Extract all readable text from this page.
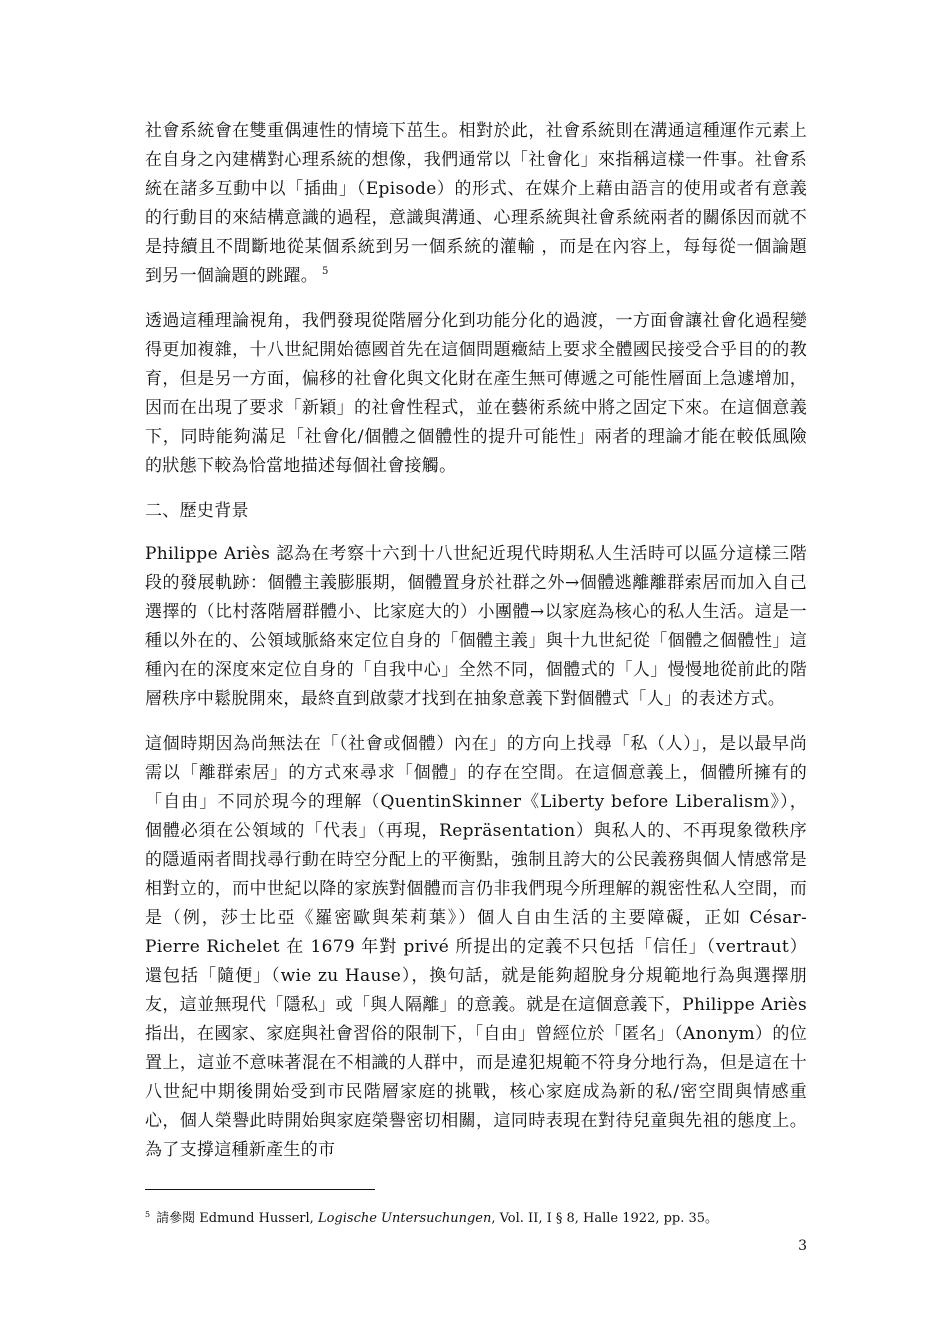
社會系統會在雙重偶連性的情境下茁生。相對於此，社會系統則在溝通這種運作元素上在自身之內建構對心理系統的想像，我們通常以「社會化」來指稱這樣一件事。社會系統在諸多互動中以「插曲」（Episode）的形式、在媒介上藉由語言的使用或者有意義的行動目的來結構意識的過程，意識與溝通、心理系統與社會系統兩者的關係因而就不是持續且不間斷地從某個系統到另一個系統的灌輸 ，而是在內容上，每每從一個論題到另一個論題的跳躍。 $^5$

透過這種理論視角，我們發現從階層分化到功能分化的過渡，一方面會讓社會化過程變得更加複雜，十八世紀開始德國首先在這個問題癥結上要求全體國民接受合乎目的的教育，但是另一方面，偏移的社會化與文化財在產生無可傳遞之可能性層面上急遽增加，因而在出現了要求「新穎」的社會性程式，並在藝術系統中將之固定下來。在這個意義下，同時能夠滿足「社會化/個體之個體性的提升可能性」兩者的理論才能在較低風險的狀態下較為恰當地描述每個社會接觸。

二、歷史背景

Philippe Ariès 認為在考察十六到十八世紀近現代時期私人生活時可以區分這樣三階段的發展軌跡：個體主義膨脹期，個體置身於社群之外→個體逃離離群索居而加入自己選擇的（比村落階層群體小、比家庭大的）小團體→以家庭為核心的私人生活。這是一種以外在的、公領域脈絡來定位自身的「個體主義」與十九世紀從「個體之個體性」這種內在的深度來定位自身的「自我中心」全然不同，個體式的「人」慢慢地從前此的階層秩序中鬆脫開來，最終直到啟蒙才找到在抽象意義下對個體式「人」的表述方式。

這個時期因為尚無法在「（社會或個體）內在」的方向上找尋「私（人）」，是以最早尚需以「離群索居」的方式來尋求「個體」的存在空間。在這個意義上，個體所擁有的「自由」不同於現今的理解（QuentinSkinner《Liberty before Liberalism》），個體必須在公領域的「代表」（再現，Repräsentation）與私人的、不再現象徵秩序的隱遁兩者間找尋行動在時空分配上的平衡點，強制且誇大的公民義務與個人情感常是相對立的，而中世紀以降的家族對個體而言仍非我們現今所理解的親密性私人空間，而是（例，莎士比亞《羅密歐與茱莉葉》）個人自由生活的主要障礙，正如 César-Pierre Richelet 在 1679 年對 privé 所提出的定義不只包括「信任」（vertraut）還包括「隨便」（wie zu Hause），換句話，就是能夠超脫身分規範地行為與選擇朋友，這並無現代「隱私」或「與人隔離」的意義。就是在這個意義下，Philippe Ariès 指出，在國家、家庭與社會習俗的限制下，「自由」曾經位於「匿名」（Anonym）的位置上，這並不意味著混在不相識的人群中，而是違犯規範不符身分地行為，但是這在十八世紀中期後開始受到市民階層家庭的挑戰，核心家庭成為新的私/密空間與情感重心，個人榮譽此時開始與家庭榮譽密切相關，這同時表現在對待兒童與先祖的態度上。為了支撐這種新產生的市

$^5$ 請參閱 Edmund Husserl, Logische Untersuchungen, Vol. II, I § 8, Halle 1922, pp. 35。

3
